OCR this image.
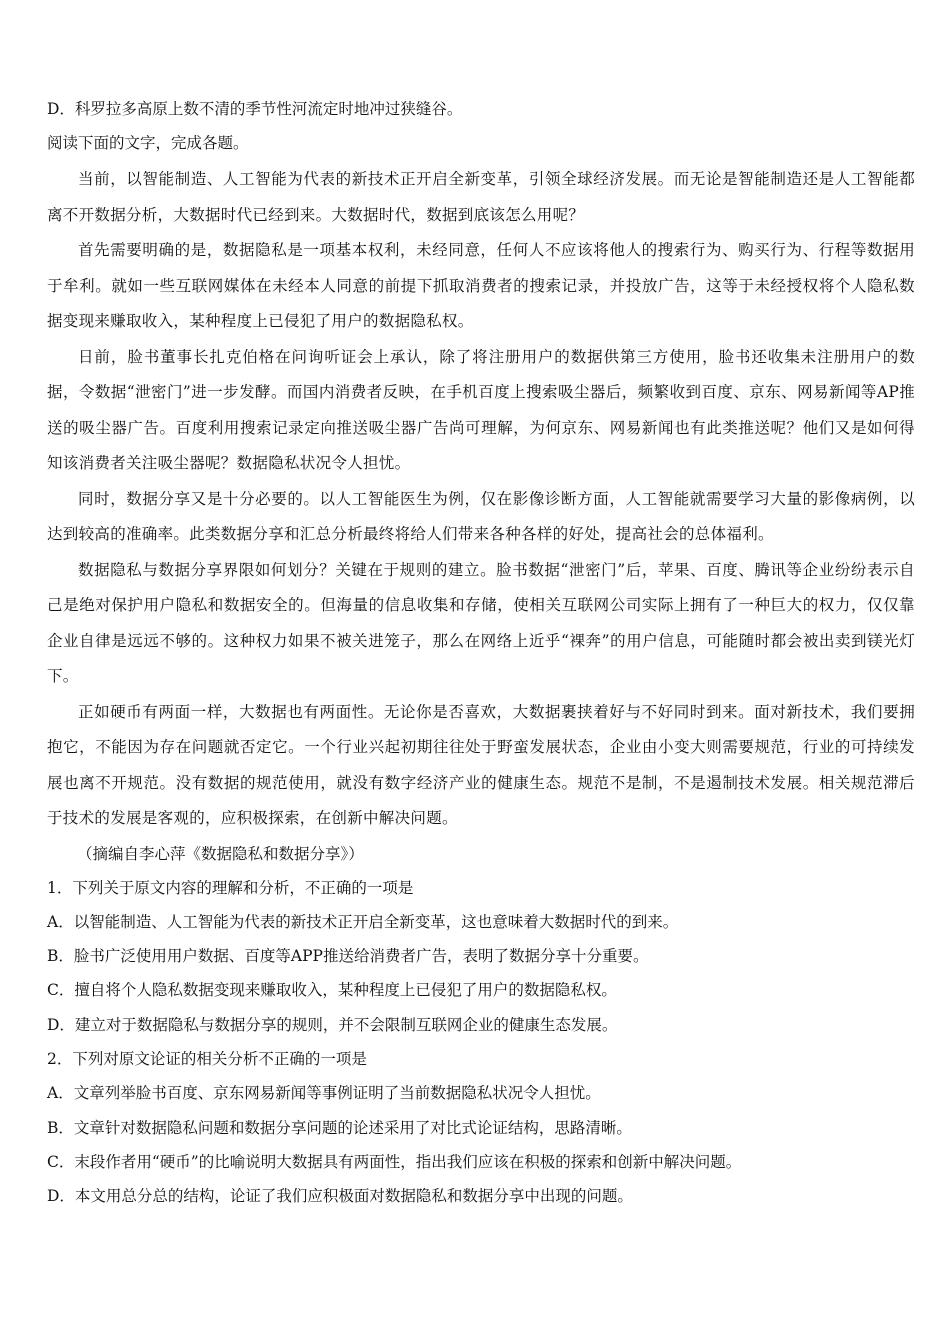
D．科罗拉多高原上数不清的季节性河流定时地冲过狭缝谷。
阅读下面的文字，完成各题。

当前，以智能制造、人工智能为代表的新技术正开启全新变革，引领全球经济发展。而无论是智能制造还是人工智能都离不开数据分析，大数据时代已经到来。大数据时代，数据到底该怎么用呢？

首先需要明确的是，数据隐私是一项基本权利，未经同意，任何人不应该将他人的搜索行为、购买行为、行程等数据用于牟利。就如一些互联网媒体在未经本人同意的前提下抓取消费者的搜索记录，并投放广告，这等于未经授权将个人隐私数据变现来赚取收入，某种程度上已侵犯了用户的数据隐私权。

日前，脸书董事长扎克伯格在问询听证会上承认，除了将注册用户的数据供第三方使用，脸书还收集未注册用户的数据，令数据“泄密门”进一步发酵。而国内消费者反映，在手机百度上搜索吸尘器后，频繁收到百度、京东、网易新闻等AP推送的吸尘器广告。百度利用搜索记录定向推送吸尘器广告尚可理解，为何京东、网易新闻也有此类推送呢？他们又是如何得知该消费者关注吸尘器呢？数据隐私状况令人担忧。

同时，数据分享又是十分必要的。以人工智能医生为例，仅在影像诊断方面，人工智能就需要学习大量的影像病例，以达到较高的准确率。此类数据分享和汇总分析最终将给人们带来各种各样的好处，提高社会的总体福利。

数据隐私与数据分享界限如何划分？关键在于规则的建立。脸书数据“泄密门”后，苹果、百度、腾讯等企业纷纷表示自己是绝对保护用户隐私和数据安全的。但海量的信息收集和存储，使相关互联网公司实际上拥有了一种巨大的权力，仅仅靠企业自律是远远不够的。这种权力如果不被关进笼子，那么在网络上近乎“裸奔”的用户信息，可能随时都会被出卖到镁光灯下。

正如硬币有两面一样，大数据也有两面性。无论你是否喜欢，大数据裹挟着好与不好同时到来。面对新技术，我们要拥抱它，不能因为存在问题就否定它。一个行业兴起初期往往处于野蛮发展状态，企业由小变大则需要规范，行业的可持续发展也离不开规范。没有数据的规范使用，就没有数字经济产业的健康生态。规范不是制，不是遏制技术发展。相关规范滞后于技术的发展是客观的，应积极探索，在创新中解决问题。

（摘编自李心萍《数据隐私和数据分享》）
1．下列关于原文内容的理解和分析，不正确的一项是
A．以智能制造、人工智能为代表的新技术正开启全新变革，这也意味着大数据时代的到来。
B．脸书广泛使用用户数据、百度等APP推送给消费者广告，表明了数据分享十分重要。
C．擅自将个人隐私数据变现来赚取收入，某种程度上已侵犯了用户的数据隐私权。
D．建立对于数据隐私与数据分享的规则，并不会限制互联网企业的健康生态发展。
2．下列对原文论证的相关分析不正确的一项是
A．文章列举脸书百度、京东网易新闻等事例证明了当前数据隐私状况令人担忧。
B．文章针对数据隐私问题和数据分享问题的论述采用了对比式论证结构，思路清晰。
C．末段作者用“硬币”的比喻说明大数据具有两面性，指出我们应该在积极的探索和创新中解决问题。
D．本文用总分总的结构，论证了我们应积极面对数据隐私和数据分享中出现的问题。
